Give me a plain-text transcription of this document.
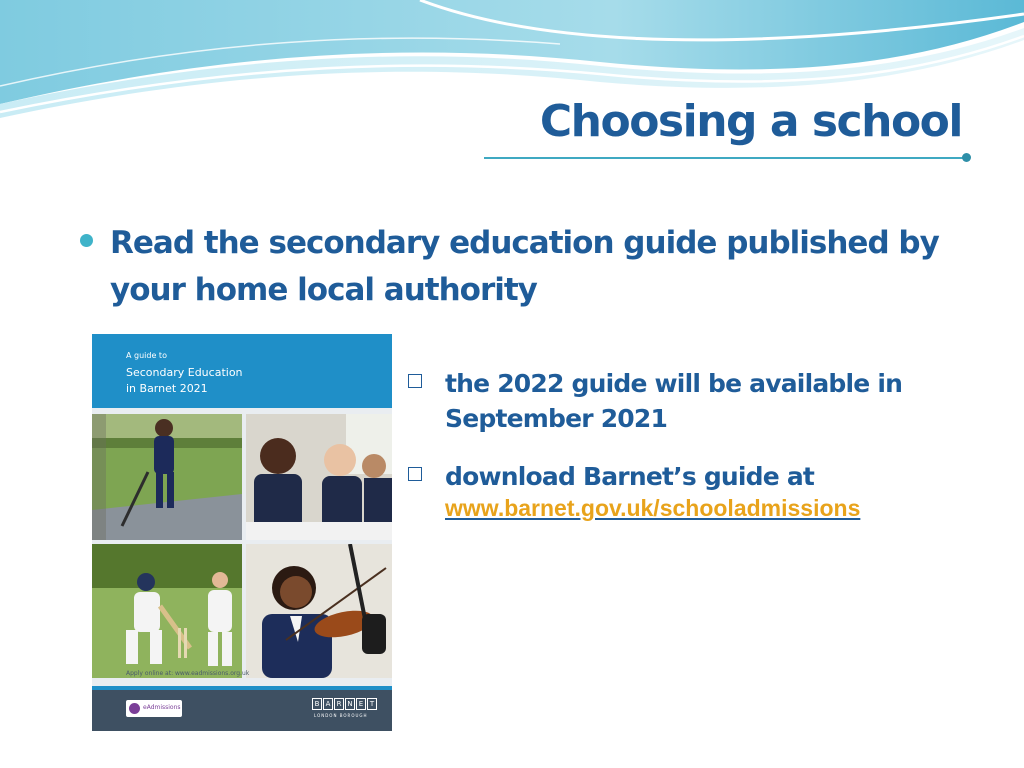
Choosing a school
Read the secondary education guide published by your home local authority
A guide to
Secondary Education
in Barnet 2021
Apply online at: www.eadmissions.org.uk
eAdmissions	B A R N E T
LONDON BOROUGH
the 2022 guide will be available in September 2021
download Barnet’s guide at
www.barnet.gov.uk/schooladmissions
